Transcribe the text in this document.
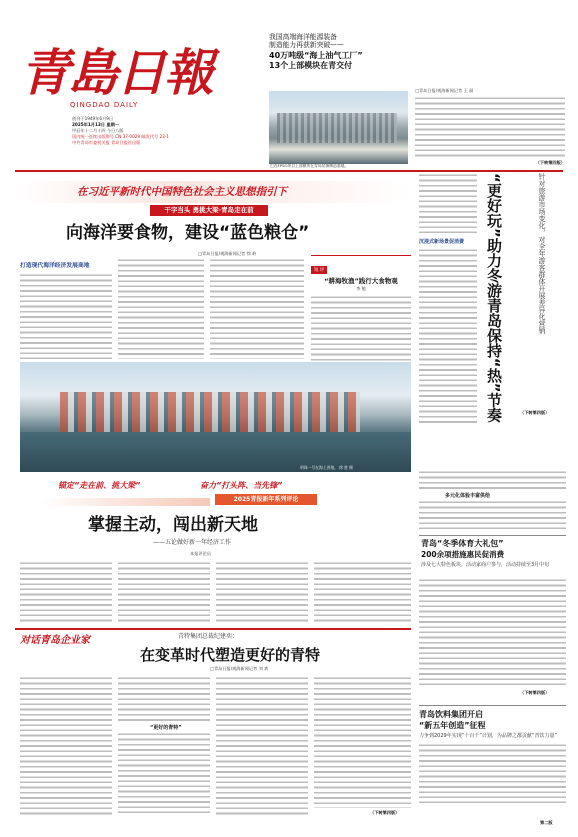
青島日報
QINGDAO DAILY
创刊于1949年6月9日
2025年1月13日 星期一
甲辰年十二月十四 今日八版
国内统一连续出版物号 CN 37-0029 邮发代号 23-1
中共青岛市委机关报 青岛日报社出版
我国高端海洋能源装备
制造能力再获新突破——
40万吨级“海上油气工厂”
13个上部模块在青交付
巴西FPSO项目上部模块在青岛装备制造基地。
□青岛日报/观海新闻记者 王 丽
（下转第四版）
在习近平新时代中国特色社会主义思想指引下
干字当头 勇挑大梁·青岛走在前
向海洋要食物，建设“蓝色粮仓”
□青岛日报/观海新闻记者 徐 岭
打造现代海洋经济发展高地
短 评
“耕海牧渔”践行大食物观
李 勉
明珠一号在海上养殖。 徐 胜 摄
“更好玩”助力冬游青岛保持“热”节奏	针对旅游市场变化，对全年游客群体开展差异化营销
沉浸式新场景促消费
（下转第四版）
多元化体验丰富供给
锚定“走在前、挑大梁”	奋力“打头阵、当先锋”
2025青报新年系列评论
掌握主动，闯出新天地
——五论做好新一年经济工作
本报评论员
青岛“冬季体育大礼包”
200余项措施惠民促消费
涉及七大特色板块，活动家商户参与，活动持续至3月中旬
（下转第四版）
对话青岛企业家	青特集团总裁纪建奕：
在变革时代塑造更好的青特
□青岛日报/观海新闻记者 刘 欢
“更好的青特”
（下转第四版）
青岛饮料集团开启
“新五年创造”征程
力争到2029年实现“十百千”计划，为品牌之都贡献“青饮力量”
第二版
